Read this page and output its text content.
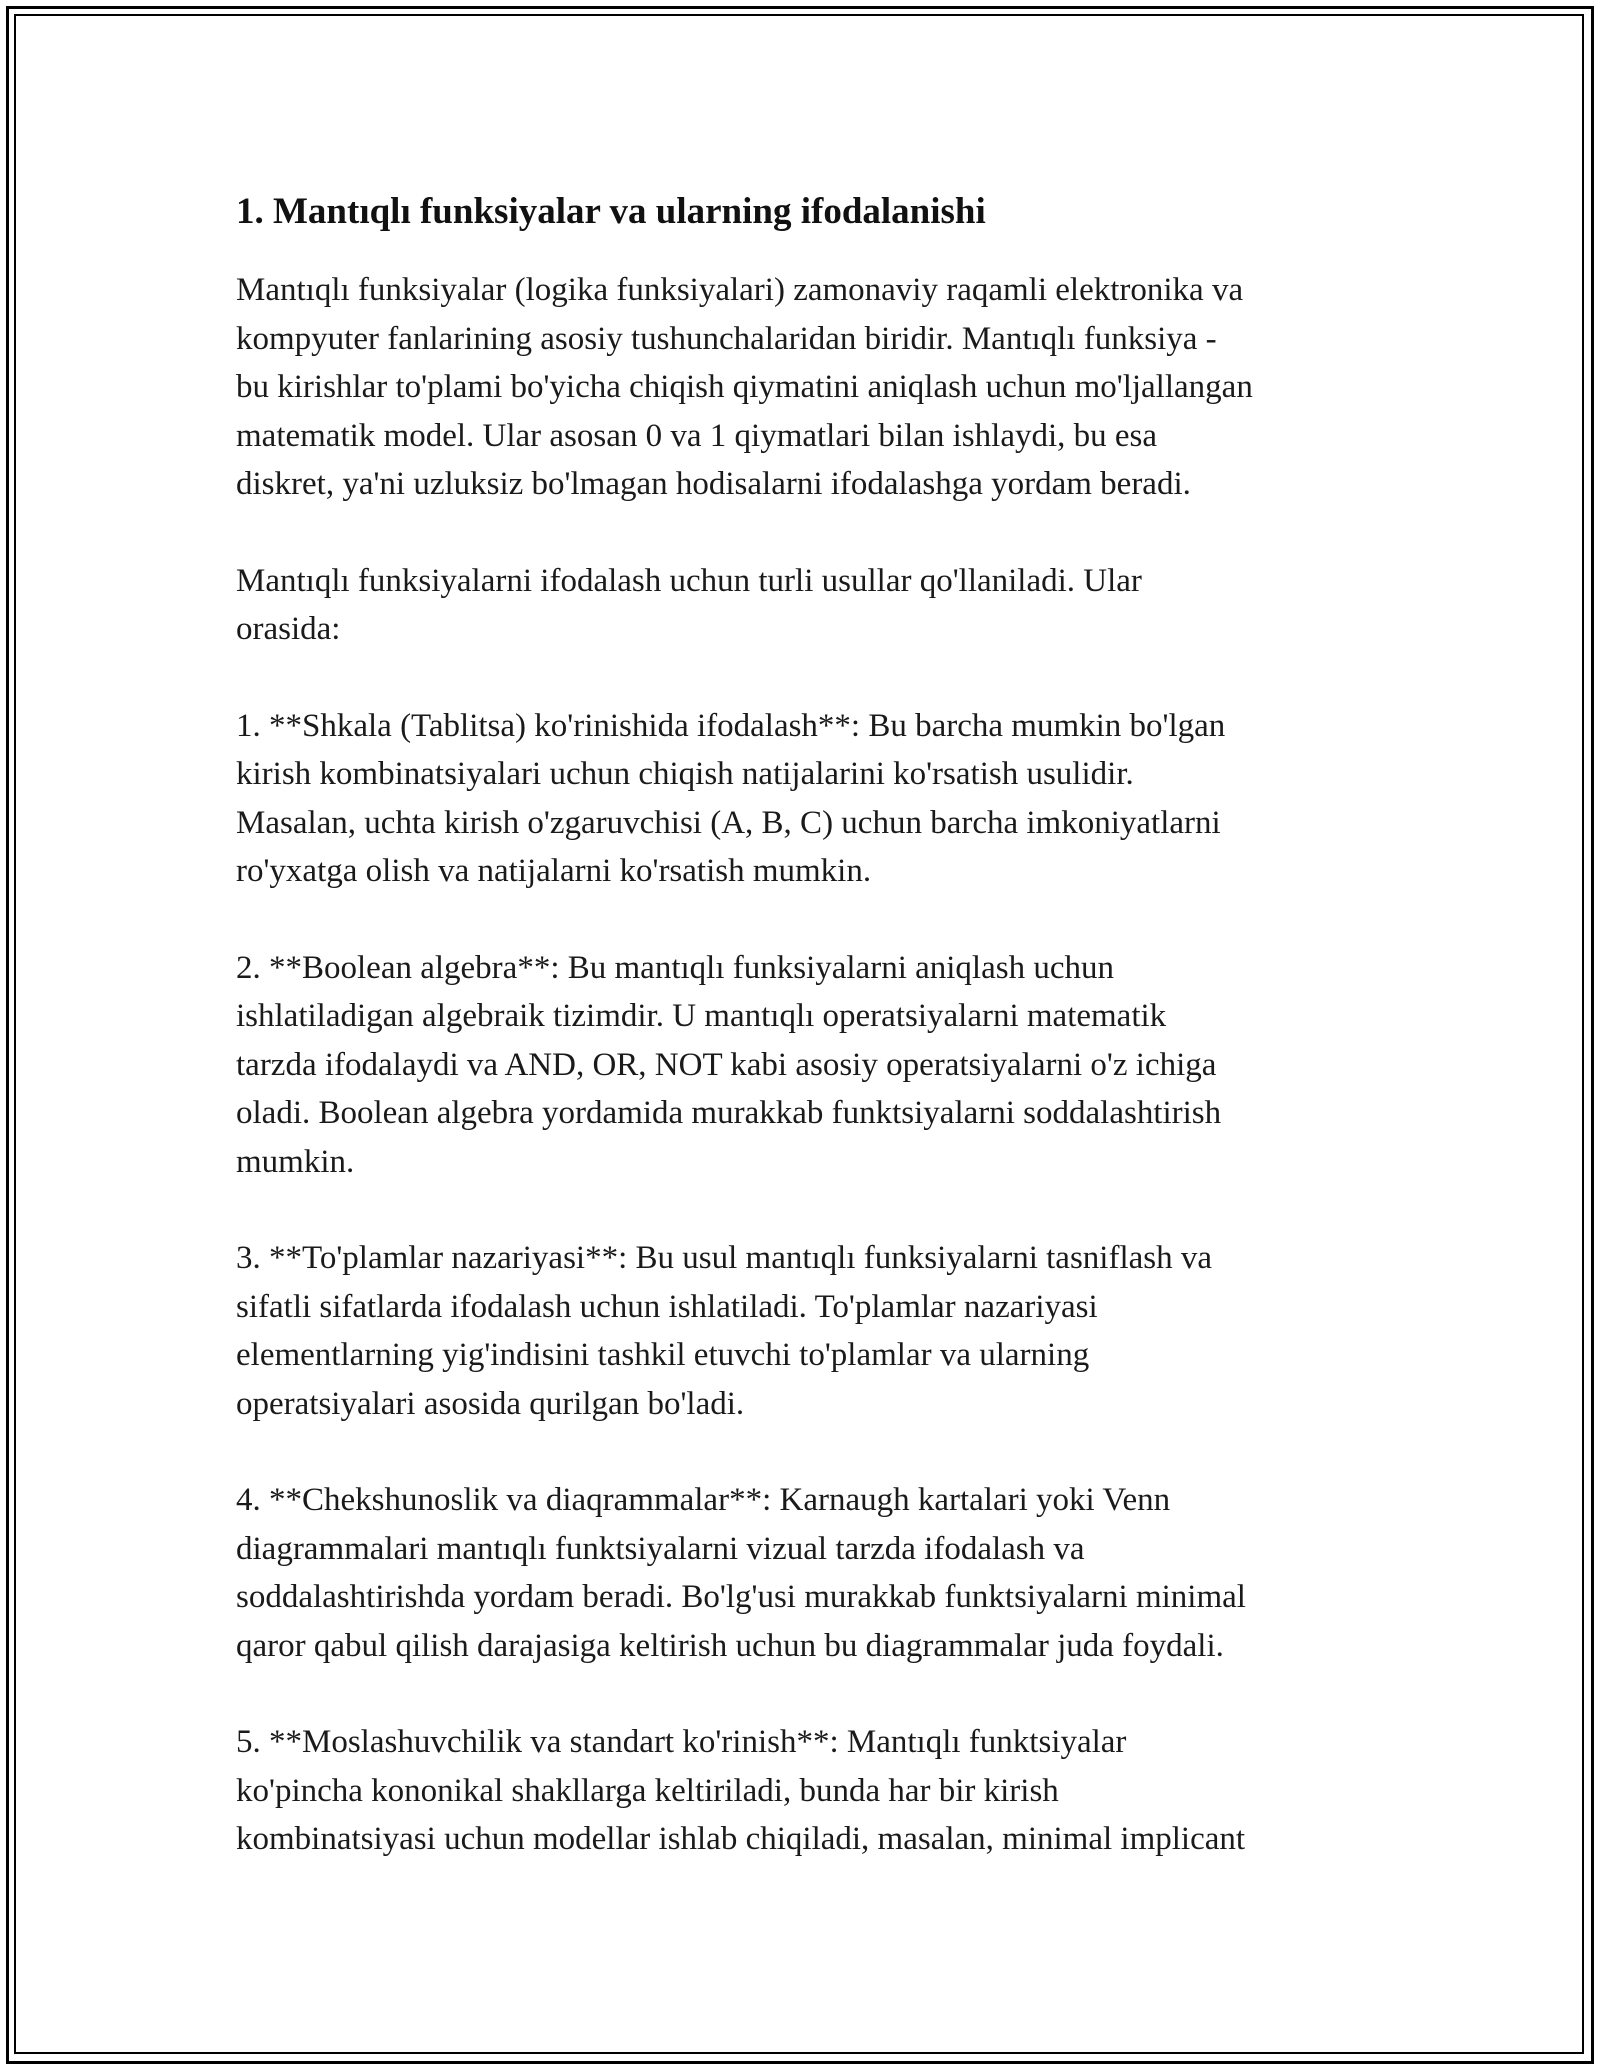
1. Mantıqlı funksiyalar va ularning ifodalanishi

Mantıqlı funksiyalar (logika funksiyalari) zamonaviy raqamli elektronika va
kompyuter fanlarining asosiy tushunchalaridan biridir. Mantıqlı funksiya -
bu kirishlar to'plami bo'yicha chiqish qiymatini aniqlash uchun mo'ljallangan
matematik model. Ular asosan 0 va 1 qiymatlari bilan ishlaydi, bu esa
diskret, ya'ni uzluksiz bo'lmagan hodisalarni ifodalashga yordam beradi.

Mantıqlı funksiyalarni ifodalash uchun turli usullar qo'llaniladi. Ular
orasida:

1. **Shkala (Tablitsa) ko'rinishida ifodalash**: Bu barcha mumkin bo'lgan
kirish kombinatsiyalari uchun chiqish natijalarini ko'rsatish usulidir.
Masalan, uchta kirish o'zgaruvchisi (A, B, C) uchun barcha imkoniyatlarni
ro'yxatga olish va natijalarni ko'rsatish mumkin.

2. **Boolean algebra**: Bu mantıqlı funksiyalarni aniqlash uchun
ishlatiladigan algebraik tizimdir. U mantıqlı operatsiyalarni matematik
tarzda ifodalaydi va AND, OR, NOT kabi asosiy operatsiyalarni o'z ichiga
oladi. Boolean algebra yordamida murakkab funktsiyalarni soddalashtirish
mumkin.

3. **To'plamlar nazariyasi**: Bu usul mantıqlı funksiyalarni tasniflash va
sifatli sifatlarda ifodalash uchun ishlatiladi. To'plamlar nazariyasi
elementlarning yig'indisini tashkil etuvchi to'plamlar va ularning
operatsiyalari asosida qurilgan bo'ladi.

4. **Chekshunoslik va diaqrammalar**: Karnaugh kartalari yoki Venn
diagrammalari mantıqlı funktsiyalarni vizual tarzda ifodalash va
soddalashtirishda yordam beradi. Bo'lg'usi murakkab funktsiyalarni minimal
qaror qabul qilish darajasiga keltirish uchun bu diagrammalar juda foydali.

5. **Moslashuvchilik va standart ko'rinish**: Mantıqlı funktsiyalar
ko'pincha kononikal shakllarga keltiriladi, bunda har bir kirish
kombinatsiyasi uchun modellar ishlab chiqiladi, masalan, minimal implicant
